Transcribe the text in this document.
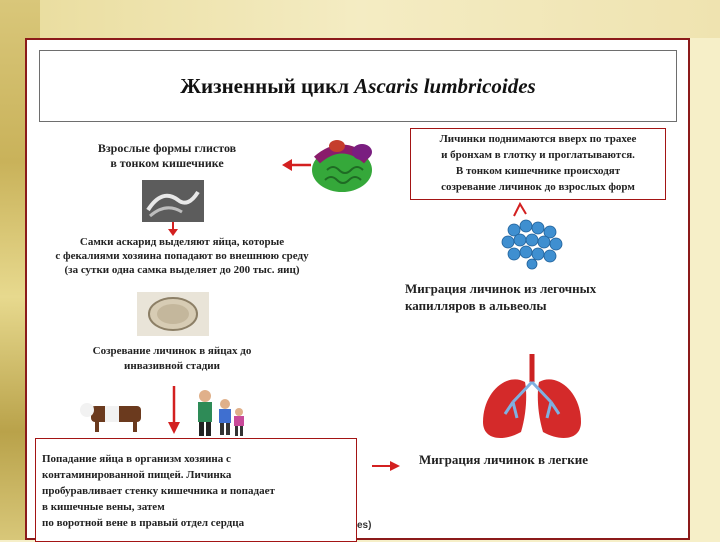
Жизненный цикл Ascaris lumbricoides
Взрослые формы глистов
в тонком кишечнике
Личинки поднимаются вверх по трахее
и бронхам в глотку и проглатываются.
В тонком кишечнике происходят
созревание личинок до взрослых форм
Самки аскарид выделяют яйца, которые
с фекалиями хозяина попадают во внешнюю среду
(за сутки одна самка выделяет до 200 тыс. яиц)
Миграция личинок из легочных
капилляров в альвеолы
Созревание личинок в яйцах до
инвазивной стадии
Попадание яйца в организм хозяина с
контаминированной пищей. Личинка
пробуравливает стенку кишечника и попадает
в кишечные вены, затем
по воротной вене в правый отдел сердца	es)
Миграция личинок в легкие
